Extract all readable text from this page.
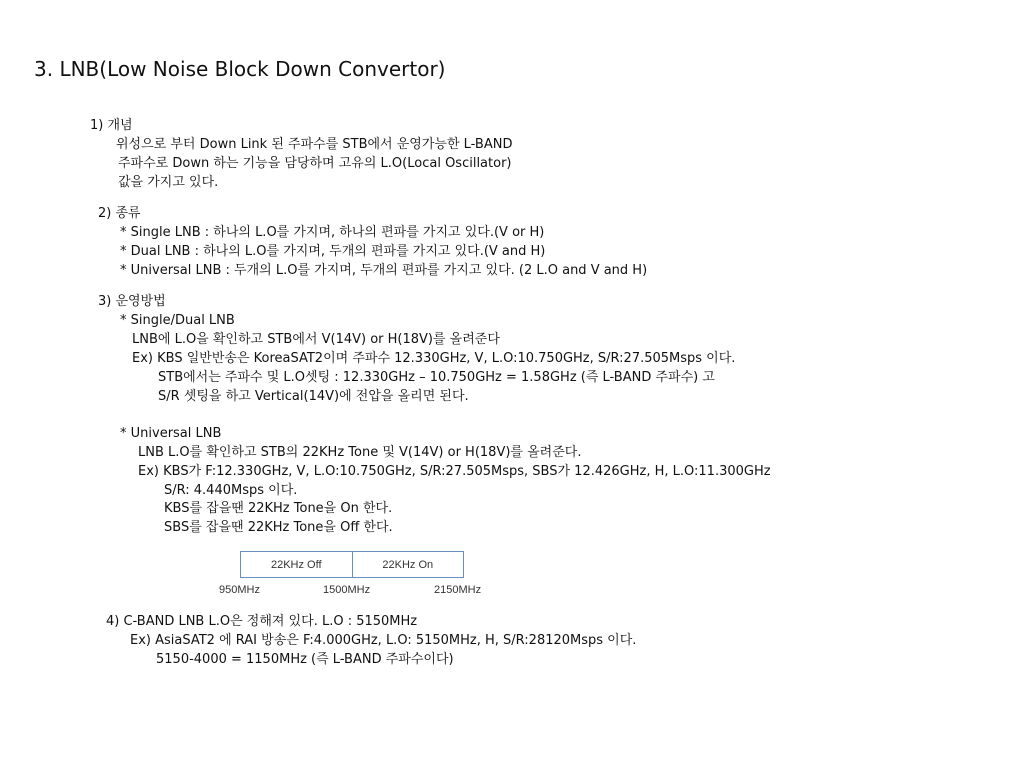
3. LNB(Low Noise Block Down Convertor)
1) 개념
위성으로 부터 Down Link 된 주파수를 STB에서 운영가능한 L-BAND
주파수로 Down 하는 기능을 담당하며 고유의 L.O(Local Oscillator)
값을 가지고 있다.
2) 종류
* Single LNB : 하나의 L.O를 가지며, 하나의 편파를 가지고 있다.(V or H)
* Dual LNB : 하나의 L.O를 가지며, 두개의 편파를 가지고 있다.(V and H)
* Universal LNB : 두개의 L.O를 가지며, 두개의 편파를 가지고 있다. (2 L.O and V and H)
3) 운영방법
* Single/Dual LNB
LNB에 L.O을 확인하고 STB에서 V(14V) or H(18V)를 올려준다
Ex) KBS 일반반송은 KoreaSAT2이며 주파수 12.330GHz, V, L.O:10.750GHz, S/R:27.505Msps 이다.
STB에서는 주파수 및 L.O셋팅 : 12.330GHz – 10.750GHz = 1.58GHz (즉 L-BAND 주파수) 고
S/R 셋팅을 하고 Vertical(14V)에 전압을 올리면 된다.
* Universal LNB
LNB L.O를 확인하고 STB의 22KHz Tone 및 V(14V) or H(18V)를 올려준다.
Ex) KBS가 F:12.330GHz, V, L.O:10.750GHz, S/R:27.505Msps, SBS가 12.426GHz, H, L.O:11.300GHz
S/R: 4.440Msps 이다.
KBS를 잡을땐 22KHz Tone을 On 한다.
SBS를 잡을땐 22KHz Tone을 Off 한다.
22KHz Off	22KHz On
950MHz	1500MHz	2150MHz
4) C-BAND LNB L.O은 정해져 있다. L.O : 5150MHz
Ex) AsiaSAT2 에 RAI 방송은 F:4.000GHz, L.O: 5150MHz, H, S/R:28120Msps 이다.
5150-4000 = 1150MHz (즉 L-BAND 주파수이다)
